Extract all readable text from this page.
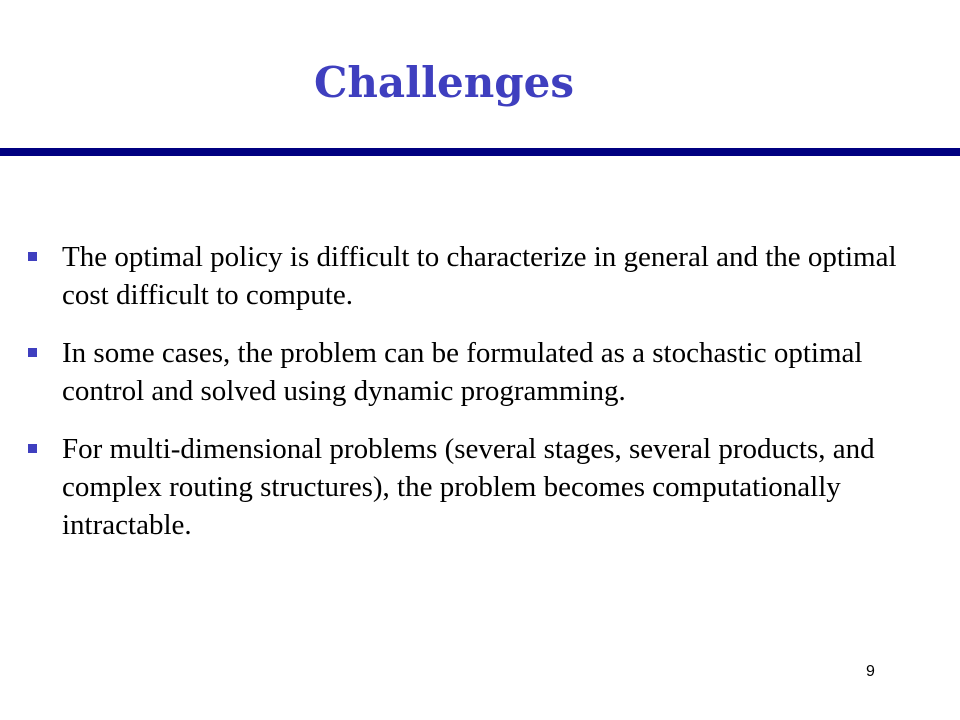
Challenges
The optimal policy is difficult to characterize in general and the optimal cost difficult to compute.
In some cases, the problem can be formulated as a stochastic optimal control and solved using dynamic programming.
For multi-dimensional problems (several stages, several products, and complex routing structures), the problem becomes computationally intractable.
9
